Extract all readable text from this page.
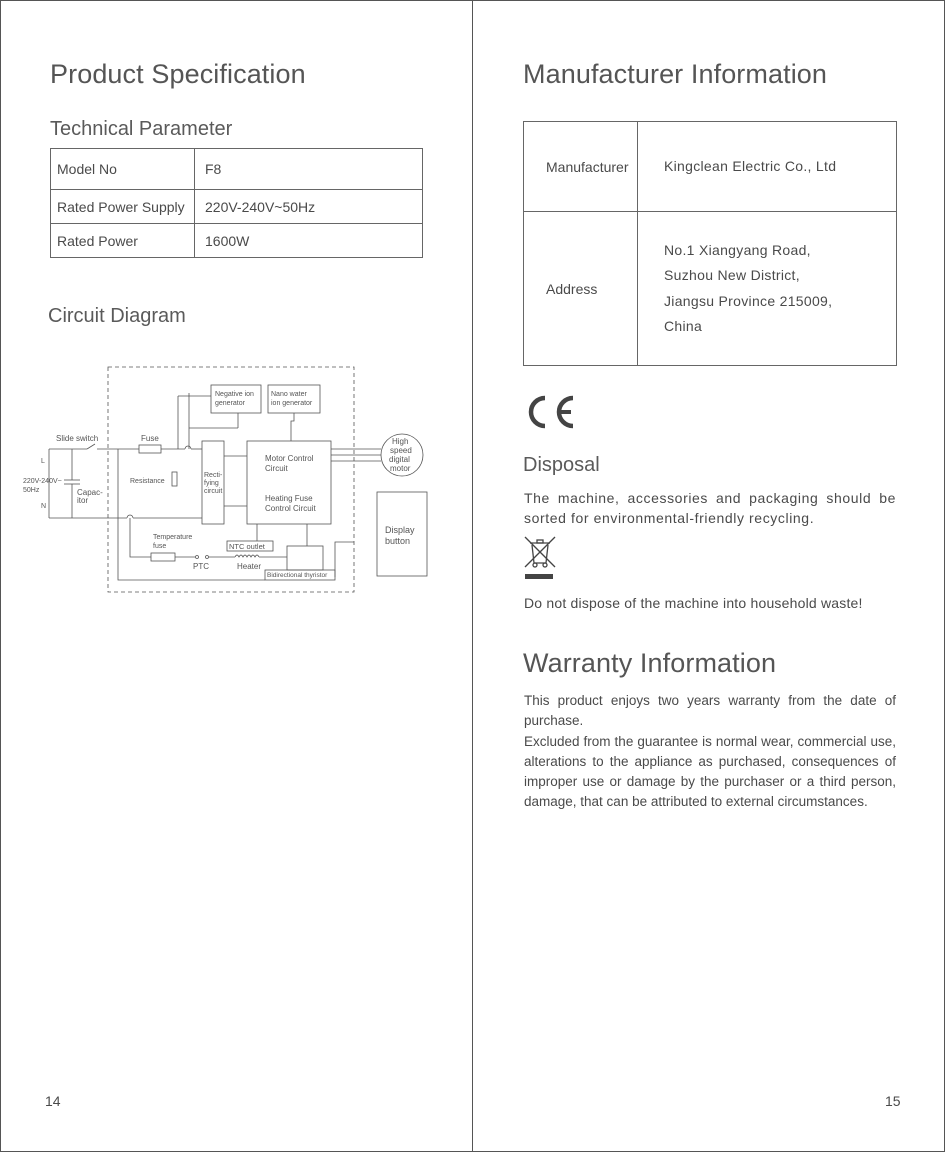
Product Specification
Technical Parameter
Model No	F8
Rated Power Supply	220V-240V~50Hz
Rated Power	1600W
Circuit Diagram
Negative ion
generator
Nano water
ion generator
Motor Control
Circuit
Heating Fuse
Control Circuit
Recti-
fying
circuit
High
speed
digital
motor
Display
button
Slide switch	Fuse
L
N
220V-240V~
50Hz	Capac-
itor
Resistance
Temperature
fuse
PTC	Heater
NTC outlet
Bidirectional thyristor
14
Manufacturer Information
Manufacturer	Kingclean Electric Co., Ltd
Address	No.1 Xiangyang Road,
Suzhou New District,
Jiangsu Province 215009,
China
Disposal

The machine, accessories and packaging should be sorted for environmental-friendly recycling.

Do not dispose of the machine into household waste!

Warranty Information

This product enjoys two years warranty from the date of purchase.
Excluded from the guarantee is normal wear, commercial use, alterations to the appliance as purchased, consequences of improper use or damage by the purchaser or a third person, damage, that can be attributed to external circumstances.

15
